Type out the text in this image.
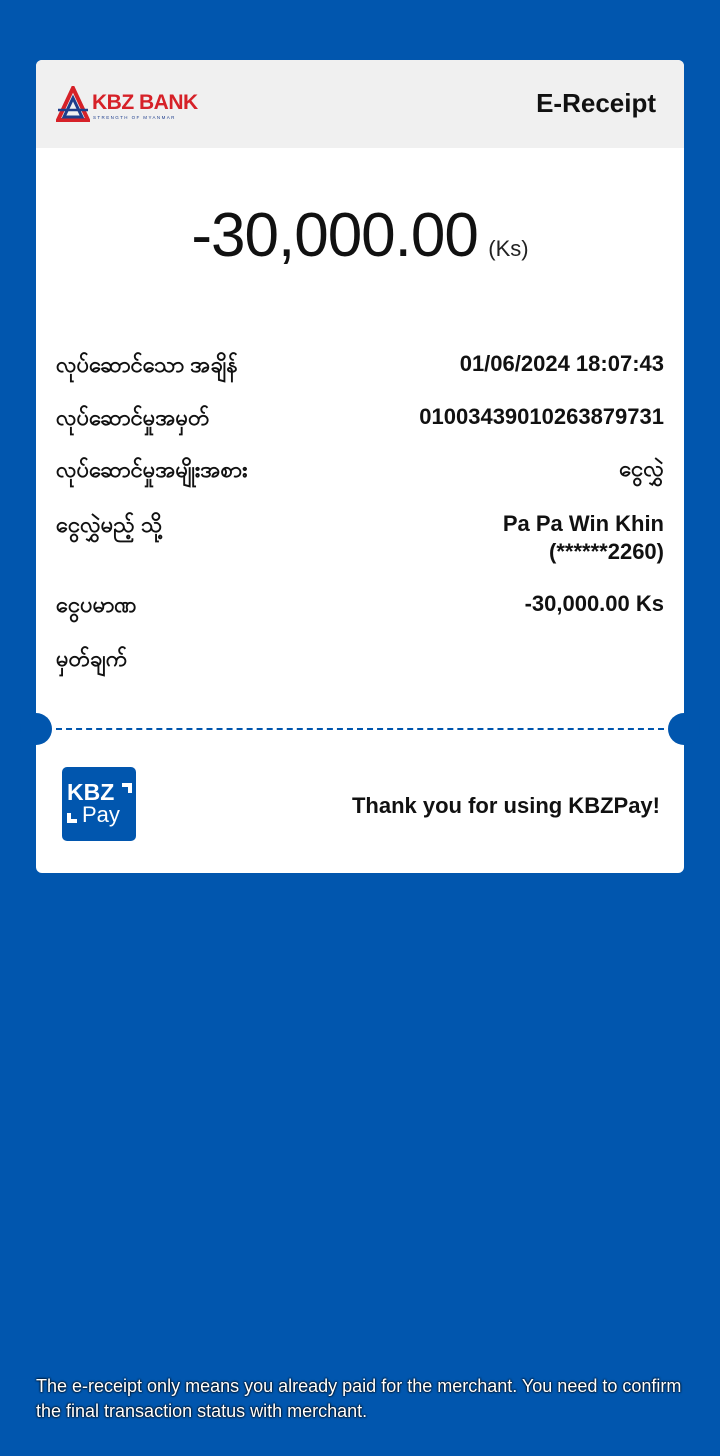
KBZ BANK
STRENGTH OF MYANMAR	E-Receipt
-30,000.00 (Ks)
လုပ်ဆောင်သော အချိန်	01/06/2024 18:07:43
လုပ်ဆောင်မှုအမှတ်	01003439010263879731
လုပ်ဆောင်မှုအမျိုးအစား	ငွေလွှဲ
ငွေလွှဲမည့် သို့	Pa Pa Win Khin
(******2260)
ငွေပမာဏ	-30,000.00 Ks
မှတ်ချက်
KBZ
Pay	Thank you for using KBZPay!
The e-receipt only means you already paid for the merchant. You need to confirm the final transaction status with merchant.
